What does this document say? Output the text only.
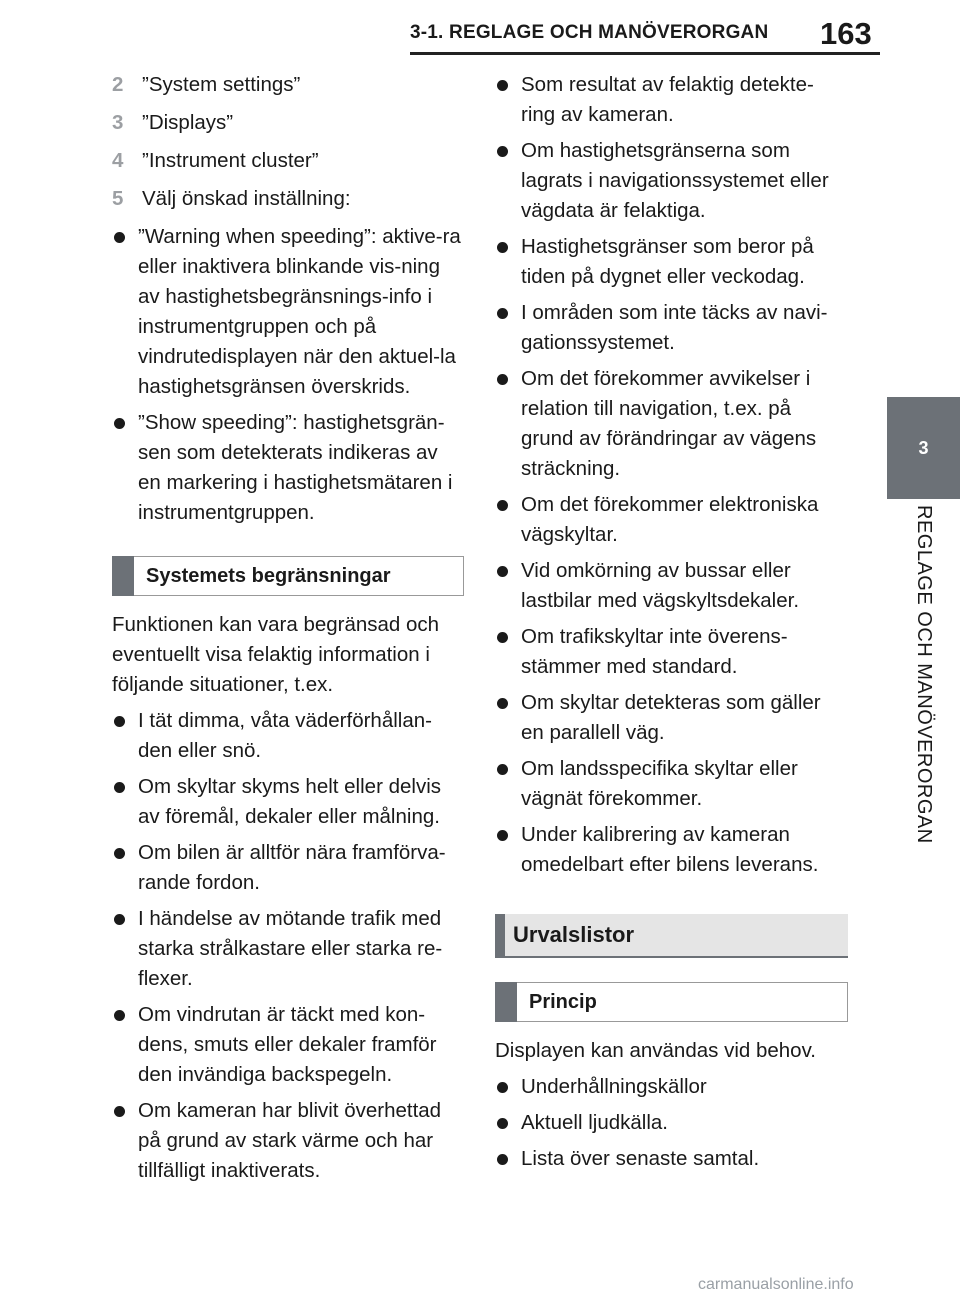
3-1. REGLAGE OCH MANÖVERORGAN 163
3
REGLAGE OCH MANÖVERORGAN
2 ”System settings”
3 ”Displays”
4 ”Instrument cluster”
5 Välj önskad inställning:
”Warning when speeding”: aktive-ra eller inaktivera blinkande vis-ning av hastighetsbegränsnings-info i instrumentgruppen och på vindrutedisplayen när den aktuel-la hastighetsgränsen överskrids.
”Show speeding”: hastighetsgrän-sen som detekterats indikeras av en markering i hastighetsmätaren i instrumentgruppen.
Systemets begränsningar

Funktionen kan vara begränsad och eventuellt visa felaktig information i följande situationer, t.ex.

I tät dimma, våta väderförhållan-den eller snö.
Om skyltar skyms helt eller delvis av föremål, dekaler eller målning.
Om bilen är alltför nära framförva-rande fordon.
I händelse av mötande trafik med starka strålkastare eller starka re-flexer.
Om vindrutan är täckt med kon-dens, smuts eller dekaler framför den invändiga backspegeln.
Om kameran har blivit överhettad på grund av stark värme och har tillfälligt inaktiverats.
Som resultat av felaktig detekte-ring av kameran.
Om hastighetsgränserna som lagrats i navigationssystemet eller vägdata är felaktiga.
Hastighetsgränser som beror på tiden på dygnet eller veckodag.
I områden som inte täcks av navi-gationssystemet.
Om det förekommer avvikelser i relation till navigation, t.ex. på grund av förändringar av vägens sträckning.
Om det förekommer elektroniska vägskyltar.
Vid omkörning av bussar eller lastbilar med vägskyltsdekaler.
Om trafikskyltar inte överens-stämmer med standard.
Om skyltar detekteras som gäller en parallell väg.
Om landsspecifika skyltar eller vägnät förekommer.
Under kalibrering av kameran omedelbart efter bilens leverans.
Urvalslistor
Princip

Displayen kan användas vid behov.

Underhållningskällor
Aktuell ljudkälla.
Lista över senaste samtal.
carmanualsonline.info
